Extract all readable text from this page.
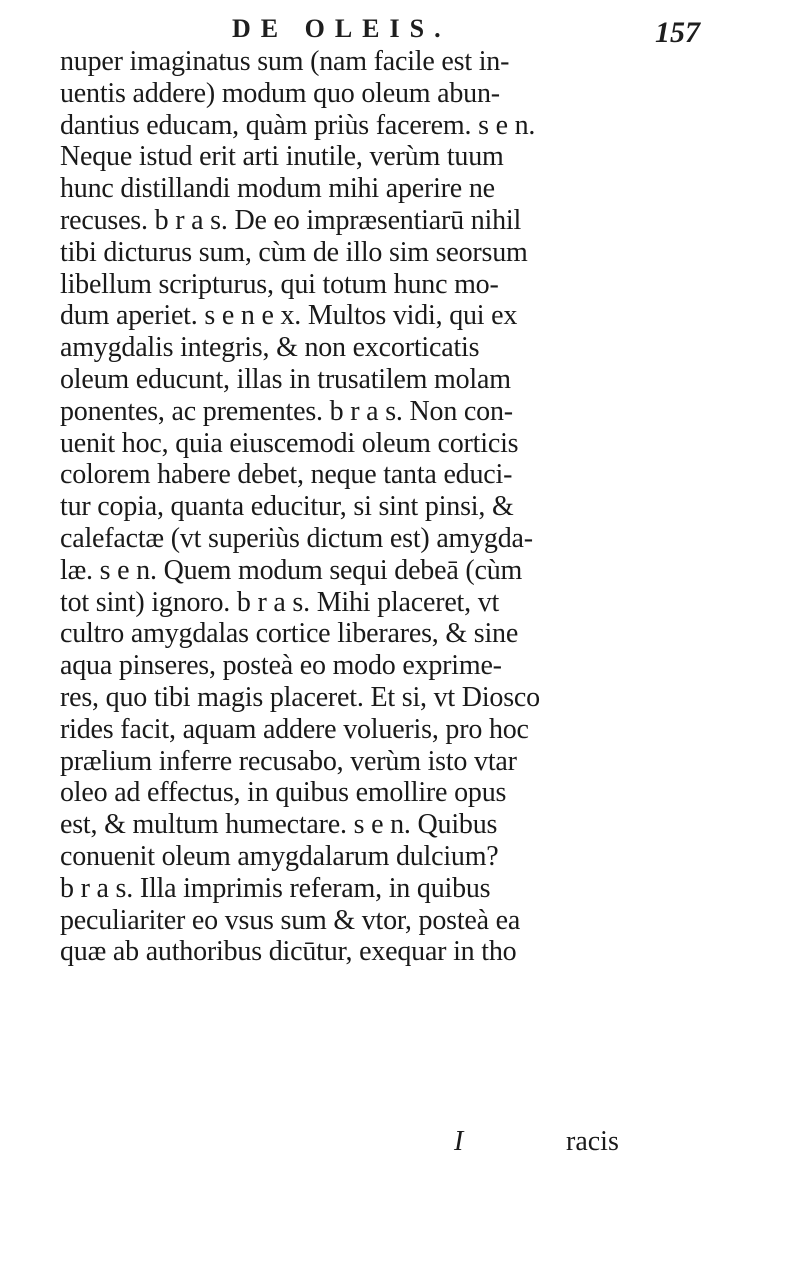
DE OLEIS.	157
nuper imaginatus sum (nam facile est in-
uentis addere) modum quo oleum abun-
dantius educam, quàm priùs facerem. s e n.
Neque istud erit arti inutile, verùm tuum
hunc distillandi modum mihi aperire ne
recuses. b r a s. De eo impræsentiarū nihil
tibi dicturus sum, cùm de illo sim seorsum
libellum scripturus, qui totum hunc mo-
dum aperiet. s e n e x. Multos vidi, qui ex
amygdalis integris, & non excorticatis
oleum educunt, illas in trusatilem molam
ponentes, ac prementes. b r a s. Non con-
uenit hoc, quia eiuscemodi oleum corticis
colorem habere debet, neque tanta educi-
tur copia, quanta educitur, si sint pinsi, &
calefactæ (vt superiùs dictum est) amygda-
læ. s e n. Quem modum sequi debeā (cùm
tot sint) ignoro. b r a s. Mihi placeret, vt
cultro amygdalas cortice liberares, & sine
aqua pinseres, posteà eo modo exprime-
res, quo tibi magis placeret. Et si, vt Diosco
rides facit, aquam addere volueris, pro hoc
prælium inferre recusabo, verùm isto vtar
oleo ad effectus, in quibus emollire opus
est, & multum humectare. s e n. Quibus
conuenit oleum amygdalarum dulcium?
b r a s. Illa imprimis referam, in quibus
peculiariter eo vsus sum & vtor, posteà ea
quæ ab authoribus dicūtur, exequar in tho
I	racis
